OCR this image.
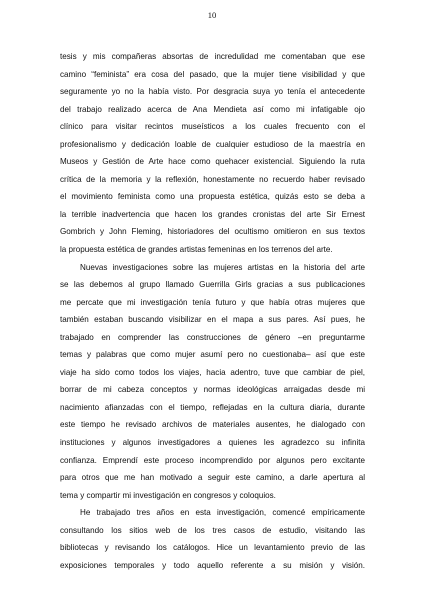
10
tesis y mis compañeras absortas de incredulidad me comentaban que ese
camino “feminista” era cosa del pasado, que la mujer tiene visibilidad y que
seguramente yo no la había visto. Por desgracia suya yo tenía el antecedente
del trabajo realizado acerca de Ana Mendieta así como mi infatigable ojo
clínico para visitar recintos museísticos a los cuales frecuento con el
profesionalismo y dedicación loable de cualquier estudioso de la maestría en
Museos y Gestión de Arte hace como quehacer existencial. Siguiendo la ruta
crítica de la memoria y la reflexión, honestamente no recuerdo haber revisado
el movimiento feminista como una propuesta estética, quizás esto se deba a
la terrible inadvertencia que hacen los grandes cronistas del arte Sir Ernest
Gombrich y John Fleming, historiadores del ocultismo omitieron en sus textos
la propuesta estética de grandes artistas femeninas en los terrenos del arte.
Nuevas investigaciones sobre las mujeres artistas en la historia del arte
se las debemos al grupo llamado Guerrilla Girls gracias a sus publicaciones
me percate que mi investigación tenía futuro y que había otras mujeres que
también estaban buscando visibilizar en el mapa a sus pares. Así pues, he
trabajado en comprender las construcciones de género –en preguntarme
temas y palabras que como mujer asumí pero no cuestionaba– así que este
viaje ha sido como todos los viajes, hacia adentro, tuve que cambiar de piel,
borrar de mi cabeza conceptos y normas ideológicas arraigadas desde mi
nacimiento afianzadas con el tiempo, reflejadas en la cultura diaria, durante
este tiempo he revisado archivos de materiales ausentes, he dialogado con
instituciones y algunos investigadores a quienes les agradezco su infinita
confianza. Emprendí este proceso incomprendido por algunos pero excitante
para otros que me han motivado a seguir este camino, a darle apertura al
tema y compartir mi investigación en congresos y coloquios.
He trabajado tres años en esta investigación, comencé empíricamente
consultando los sitios web de los tres casos de estudio, visitando las
bibliotecas y revisando los catálogos. Hice un levantamiento previo de las
exposiciones temporales y todo aquello referente a su misión y visión.
